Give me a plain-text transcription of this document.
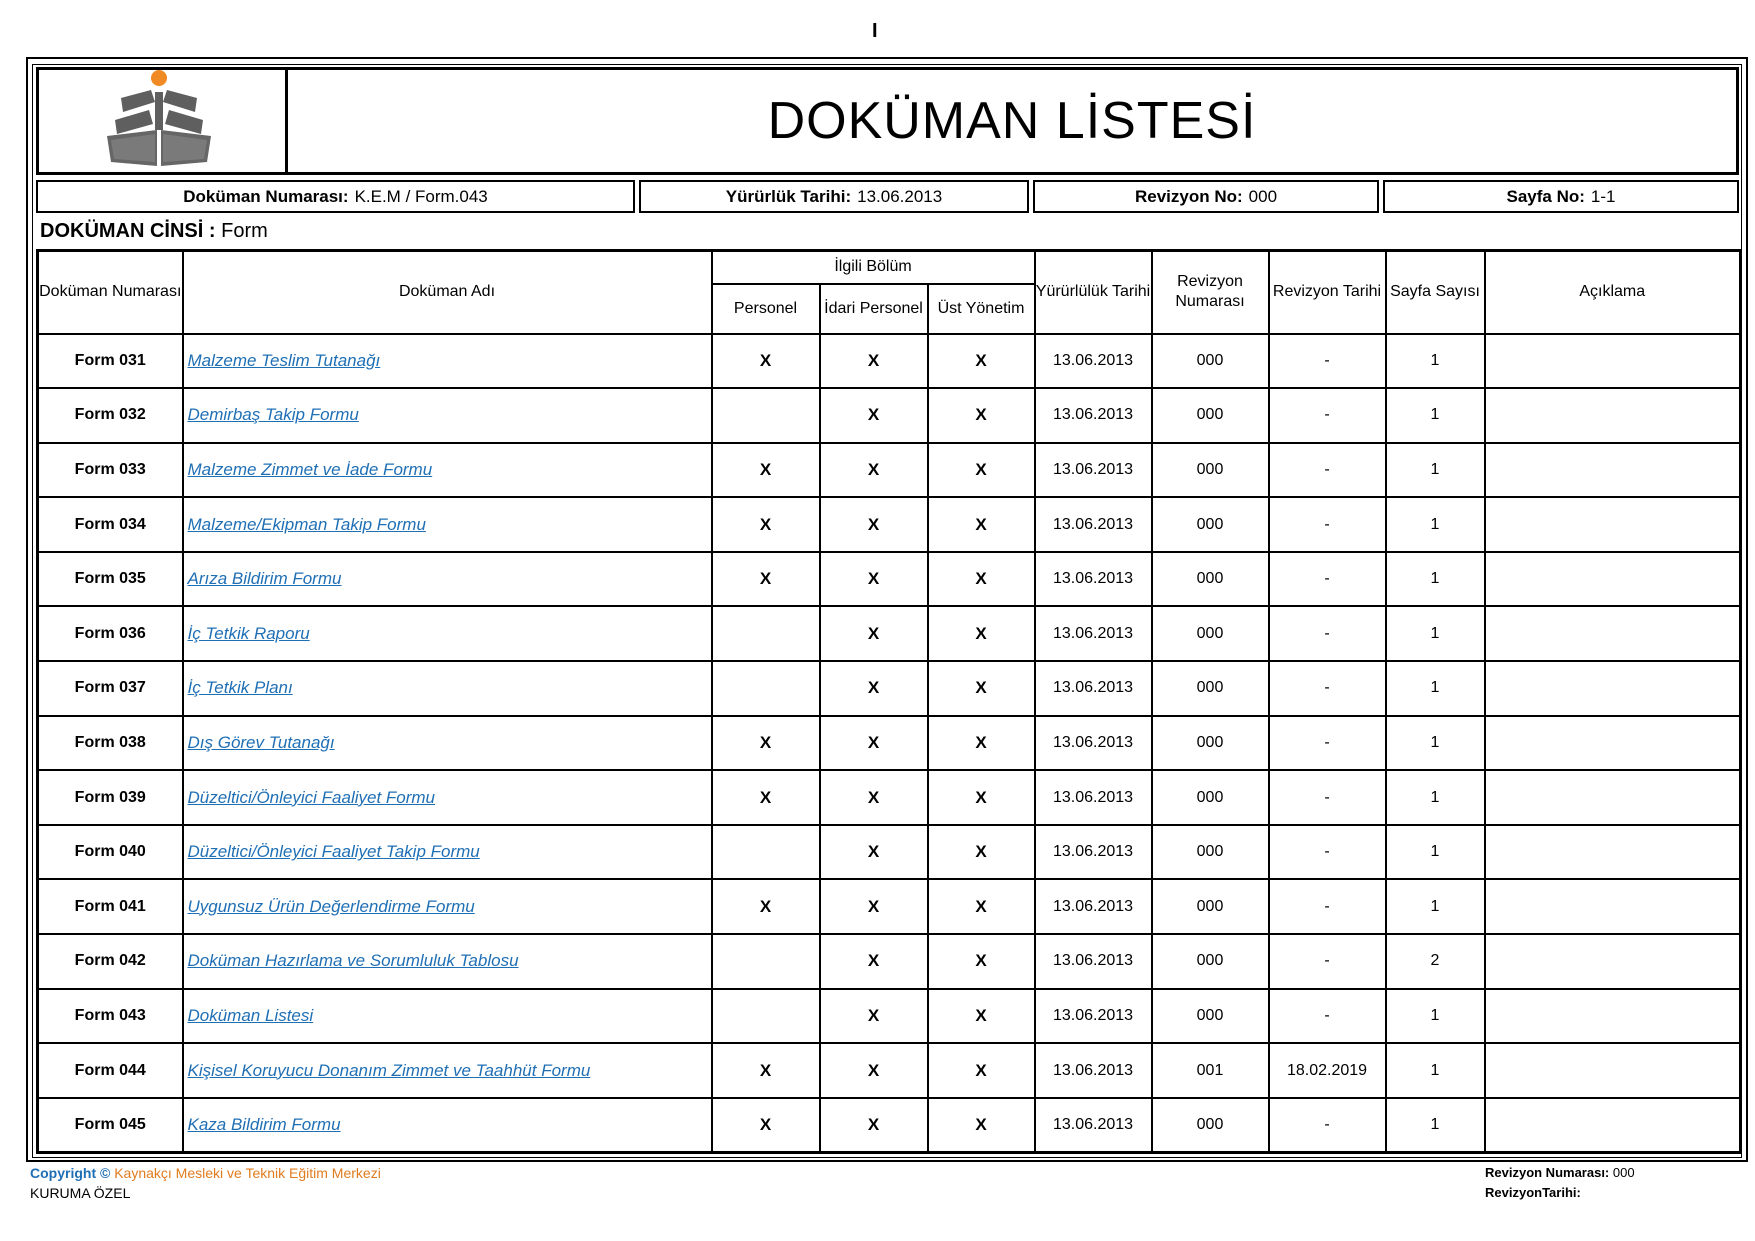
I
DOKÜMAN LİSTESİ
Doküman Numarası: K.E.M / Form.043	Yürürlük Tarihi: 13.06.2013	Revizyon No: 000	Sayfa No: 1-1
DOKÜMAN CİNSİ : Form
Doküman Numarası	Doküman Adı	İlgili Bölüm			Yürürlülük Tarihi	Revizyon Numarası	Revizyon Tarihi	Sayfa Sayısı	Açıklama
		Personel	İdari Personel	Üst Yönetim					
Form 031	Malzeme Teslim Tutanağı	X	X	X	13.06.2013	000	-	1	
Form 032	Demirbaş Takip Formu		X	X	13.06.2013	000	-	1	
Form 033	Malzeme Zimmet ve İade Formu	X	X	X	13.06.2013	000	-	1	
Form 034	Malzeme/Ekipman Takip Formu	X	X	X	13.06.2013	000	-	1	
Form 035	Arıza Bildirim Formu	X	X	X	13.06.2013	000	-	1	
Form 036	İç Tetkik Raporu		X	X	13.06.2013	000	-	1	
Form 037	İç Tetkik Planı		X	X	13.06.2013	000	-	1	
Form 038	Dış Görev Tutanağı	X	X	X	13.06.2013	000	-	1	
Form 039	Düzeltici/Önleyici Faaliyet Formu	X	X	X	13.06.2013	000	-	1	
Form 040	Düzeltici/Önleyici Faaliyet Takip Formu		X	X	13.06.2013	000	-	1	
Form 041	Uygunsuz Ürün Değerlendirme Formu	X	X	X	13.06.2013	000	-	1	
Form 042	Doküman Hazırlama ve Sorumluluk Tablosu		X	X	13.06.2013	000	-	2	
Form 043	Doküman Listesi		X	X	13.06.2013	000	-	1	
Form 044	Kişisel Koruyucu Donanım Zimmet ve Taahhüt Formu	X	X	X	13.06.2013	001	18.02.2019	1	
Form 045	Kaza Bildirim Formu	X	X	X	13.06.2013	000	-	1	
Copyright © Kaynakçı Mesleki ve Teknik Eğitim Merkezi
KURUMA ÖZEL
Revizyon Numarası: 000
RevizyonTarihi:
